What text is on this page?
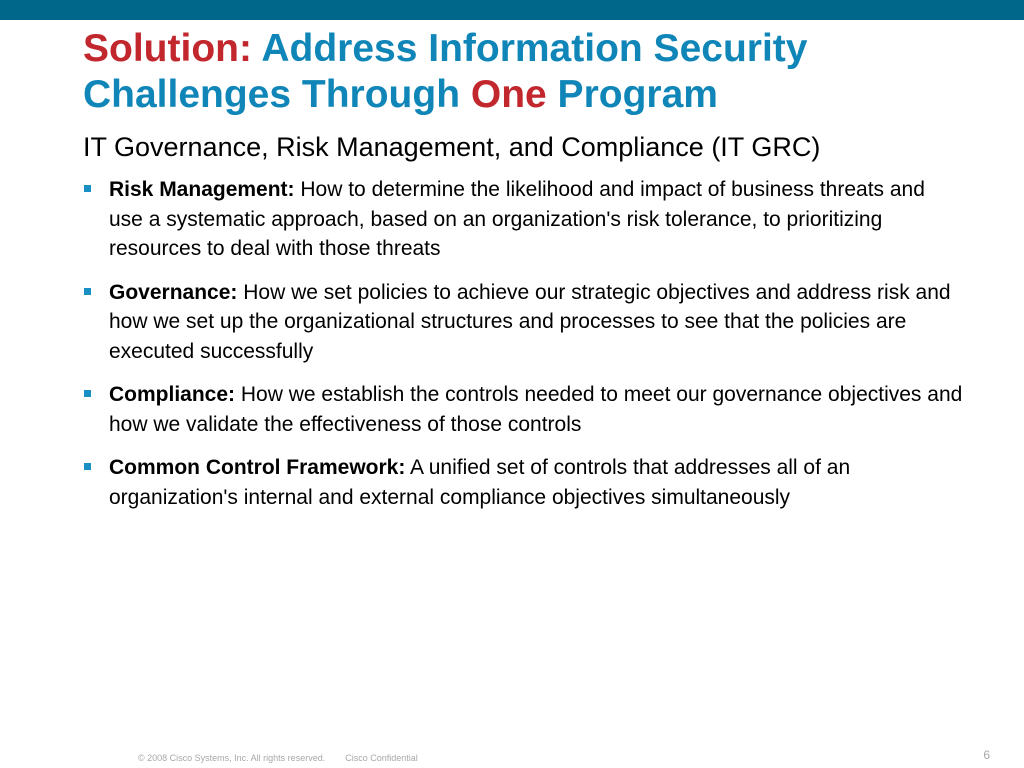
Solution: Address Information Security Challenges Through One Program
IT Governance, Risk Management, and Compliance (IT GRC)
Risk Management: How to determine the likelihood and impact of business threats and use a systematic approach, based on an organization's risk tolerance, to prioritizing resources to deal with those threats
Governance: How we set policies to achieve our strategic objectives and address risk and how we set up the organizational structures and processes to see that the policies are executed successfully
Compliance: How we establish the controls needed to meet our governance objectives and how we validate the effectiveness of those controls
Common Control Framework: A unified set of controls that addresses all of an organization's internal and external compliance objectives simultaneously
© 2008 Cisco Systems, Inc. All rights reserved. Cisco Confidential	6
